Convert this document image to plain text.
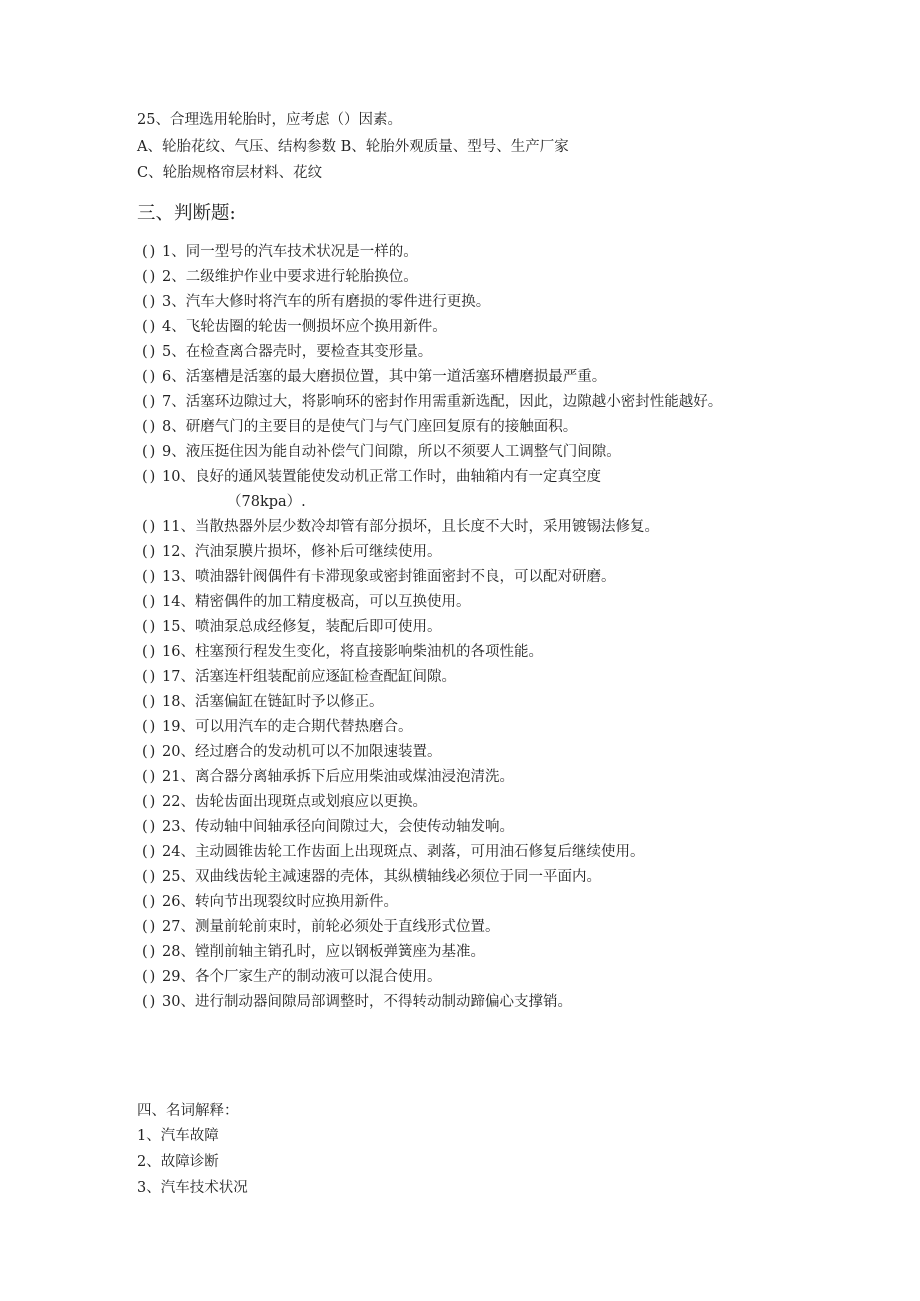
25、合理选用轮胎时，应考虑（）因素。
A、轮胎花纹、气压、结构参数 B、轮胎外观质量、型号、生产厂家
C、轮胎规格帘层材料、花纹
三、判断题:
() 1、同一型号的汽车技术状况是一样的。
() 2、二级维护作业中要求进行轮胎换位。
() 3、汽车大修时将汽车的所有磨损的零件进行更换。
() 4、飞轮齿圈的轮齿一侧损坏应个换用新件。
() 5、在检查离合器壳时，要检查其变形量。
() 6、活塞槽是活塞的最大磨损位置，其中第一道活塞环槽磨损最严重。
() 7、活塞环边隙过大，将影响环的密封作用需重新选配，因此，边隙越小密封性能越好。
() 8、研磨气门的主要目的是使气门与气门座回复原有的接触面积。
() 9、液压挺住因为能自动补偿气门间隙，所以不须要人工调整气门间隙。
() 10、良好的通风装置能使发动机正常工作时，曲轴箱内有一定真空度
（78kpa）.
() 11、当散热器外层少数冷却管有部分损坏，且长度不大时，采用镀锡法修复。
() 12、汽油泵膜片损坏，修补后可继续使用。
() 13、喷油器针阀偶件有卡滞现象或密封锥面密封不良，可以配对研磨。
() 14、精密偶件的加工精度极高，可以互换使用。
() 15、喷油泵总成经修复，装配后即可使用。
() 16、柱塞预行程发生变化，将直接影响柴油机的各项性能。
() 17、活塞连杆组装配前应逐缸检查配缸间隙。
() 18、活塞偏缸在链缸时予以修正。
() 19、可以用汽车的走合期代替热磨合。
() 20、经过磨合的发动机可以不加限速装置。
() 21、离合器分离轴承拆下后应用柴油或煤油浸泡清洗。
() 22、齿轮齿面出现斑点或划痕应以更换。
() 23、传动轴中间轴承径向间隙过大，会使传动轴发响。
() 24、主动圆锥齿轮工作齿面上出现斑点、剥落，可用油石修复后继续使用。
() 25、双曲线齿轮主减速器的壳体，其纵横轴线必须位于同一平面内。
() 26、转向节出现裂纹时应换用新件。
() 27、测量前轮前束时，前轮必须处于直线形式位置。
() 28、镗削前轴主销孔时，应以钢板弹簧座为基准。
() 29、各个厂家生产的制动液可以混合使用。
() 30、进行制动器间隙局部调整时，不得转动制动蹄偏心支撑销。
四、名词解释：
1、汽车故障
2、故障诊断
3、汽车技术状况
